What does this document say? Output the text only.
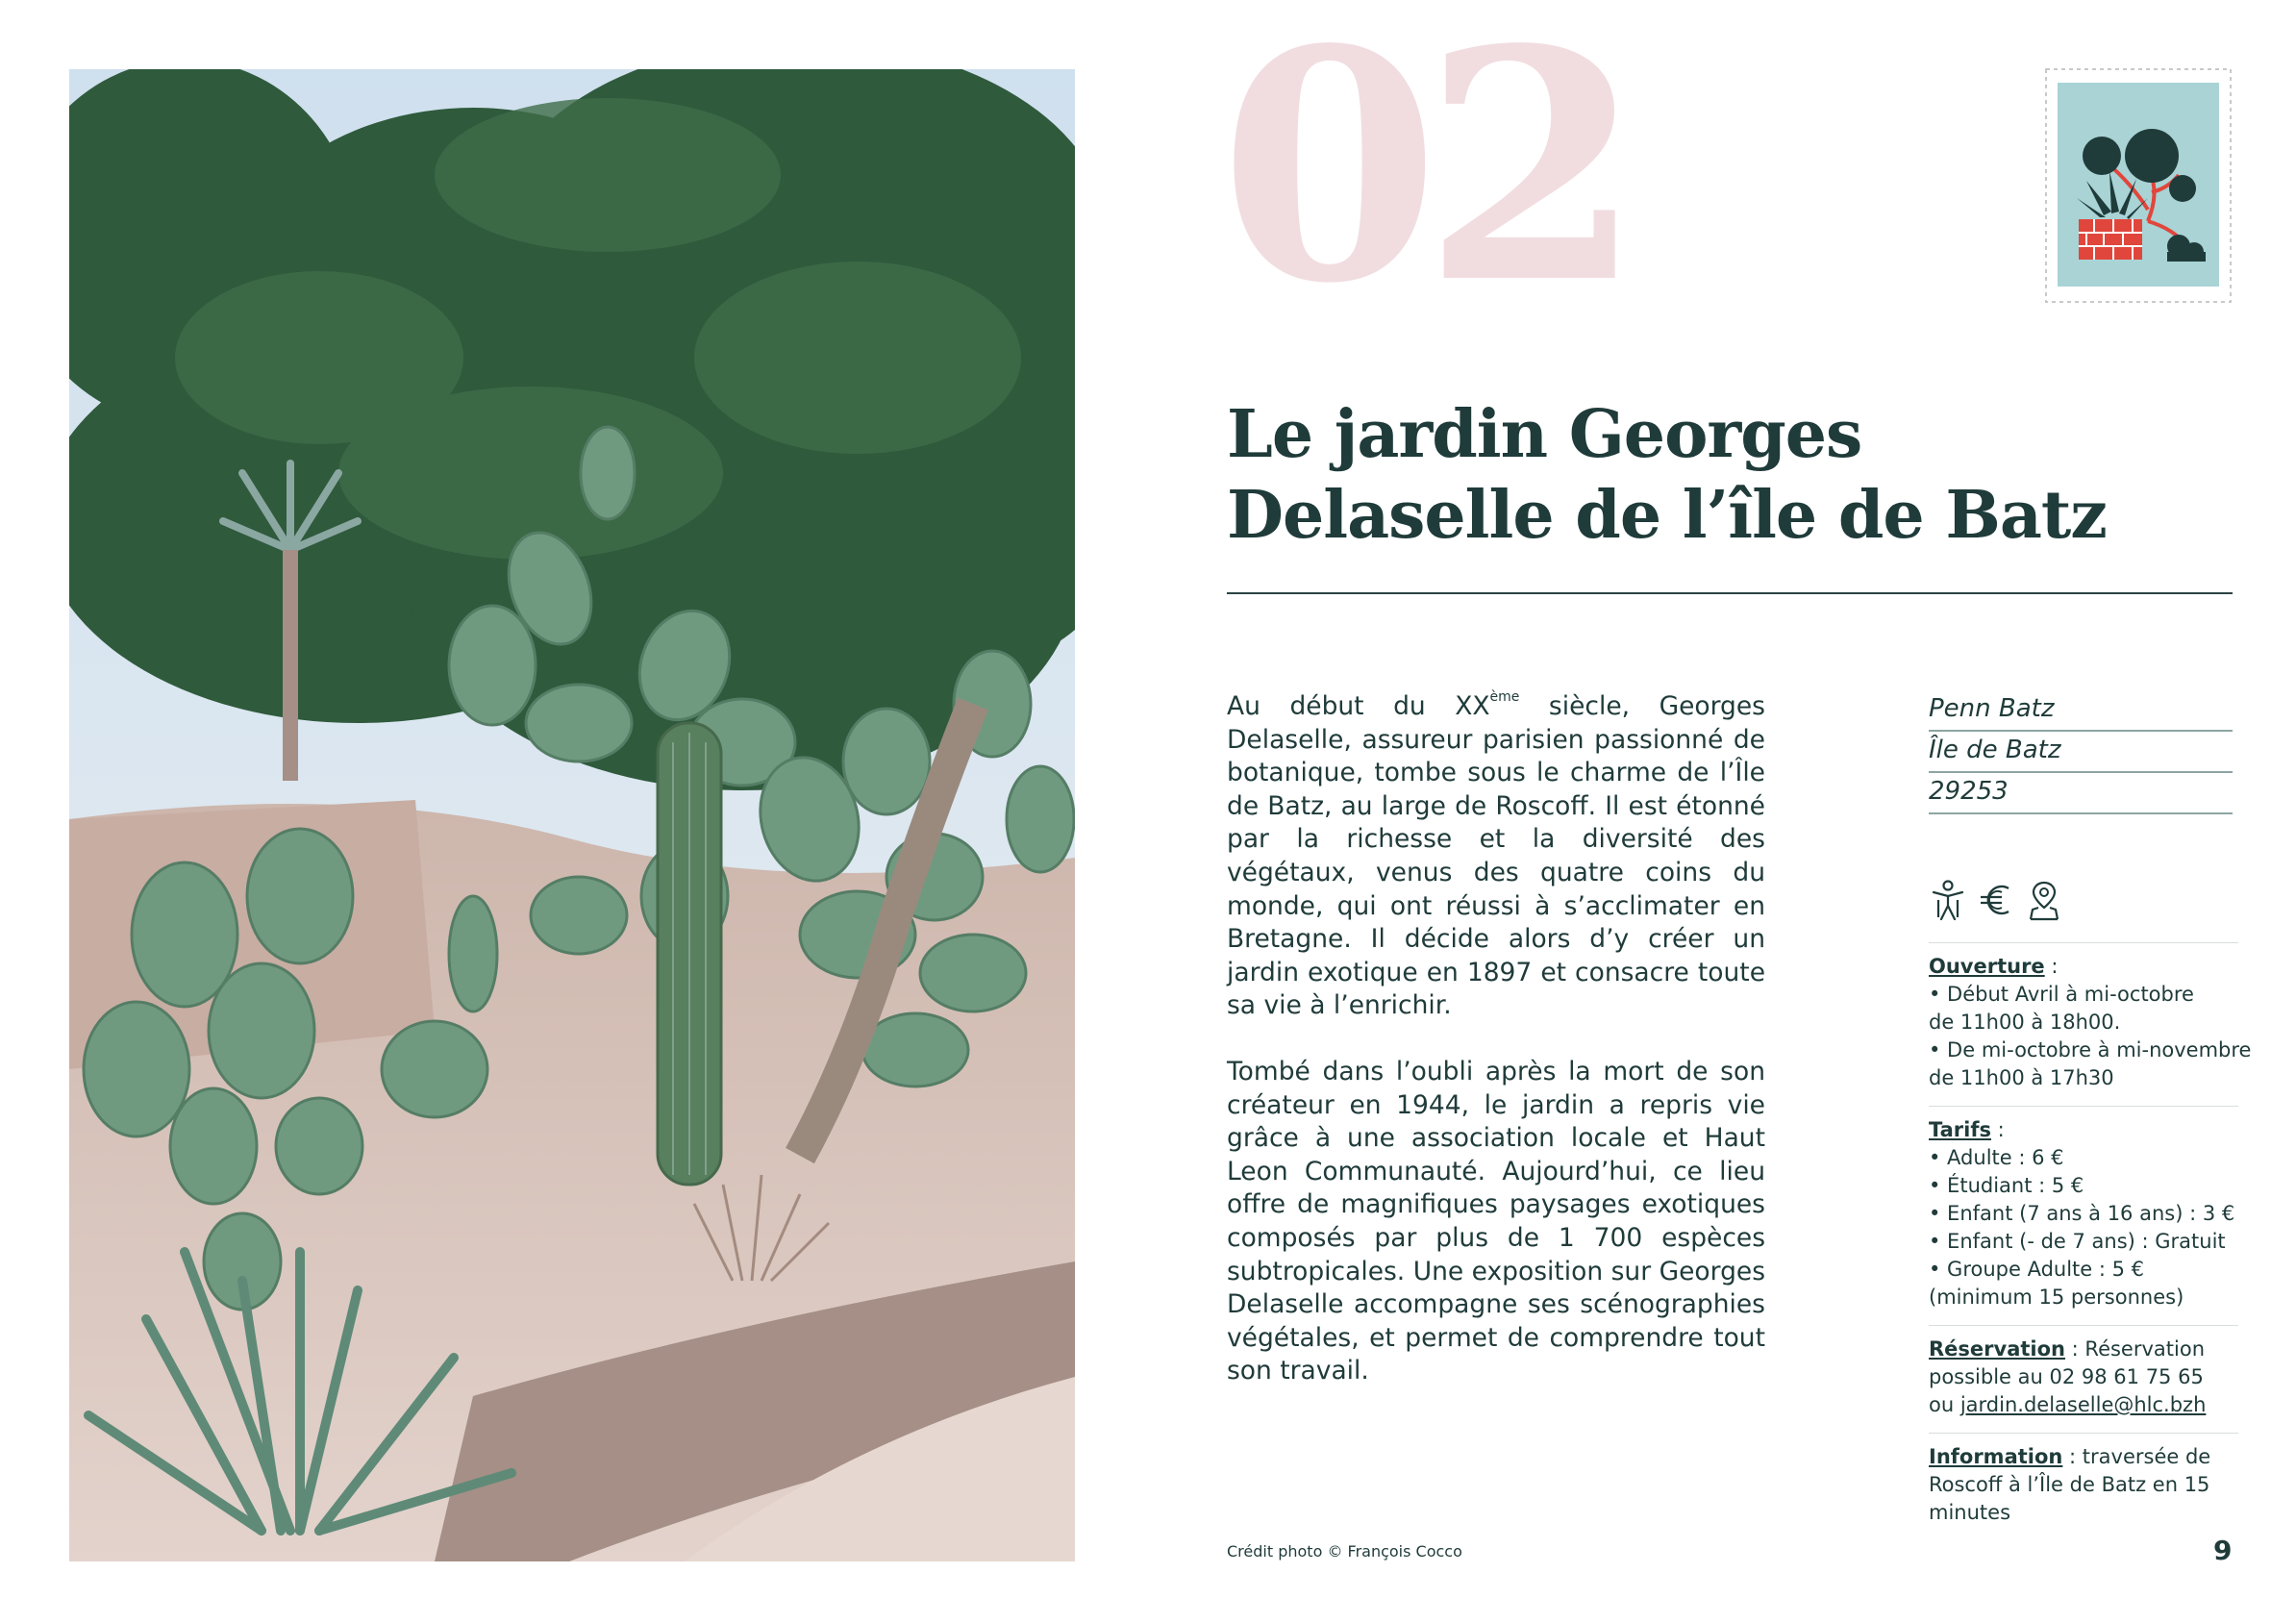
02
Le jardin Georges
Delaselle de l’île de Batz

Au début du XXème siècle, Georges Delaselle, assureur parisien passionné de botanique, tombe sous le charme de l’Île de Batz, au large de Roscoff. Il est étonné par la richesse et la diversité des végétaux, venus des quatre coins du monde, qui ont réussi à s’acclimater en Bretagne. Il décide alors d’y créer un jardin exotique en 1897 et consacre toute sa vie à l’enrichir.

Tombé dans l’oubli après la mort de son créateur en 1944, le jardin a repris vie grâce à une association locale et Haut Leon Communauté. Aujourd’hui, ce lieu offre de magnifiques paysages exotiques composés par plus de 1 700 espèces subtropicales. Une exposition sur Georges Delaselle accompagne ses scénographies végétales, et permet de comprendre tout son travail.

Penn Batz
Île de Batz
29253
Ouverture :
• Début Avril à mi-octobre
de 11h00 à 18h00.
• De mi-octobre à mi-novembre
de 11h00 à 17h30
Tarifs :
• Adulte : 6 €
• Étudiant : 5 €
• Enfant (7 ans à 16 ans) : 3 €
• Enfant (- de 7 ans) : Gratuit
• Groupe Adulte : 5 €
(minimum 15 personnes)
Réservation : Réservation
possible au 02 98 61 75 65
ou jardin.delaselle@hlc.bzh
Information : traversée de
Roscoff à l’Île de Batz en 15
minutes
Crédit photo © François Cocco	9
